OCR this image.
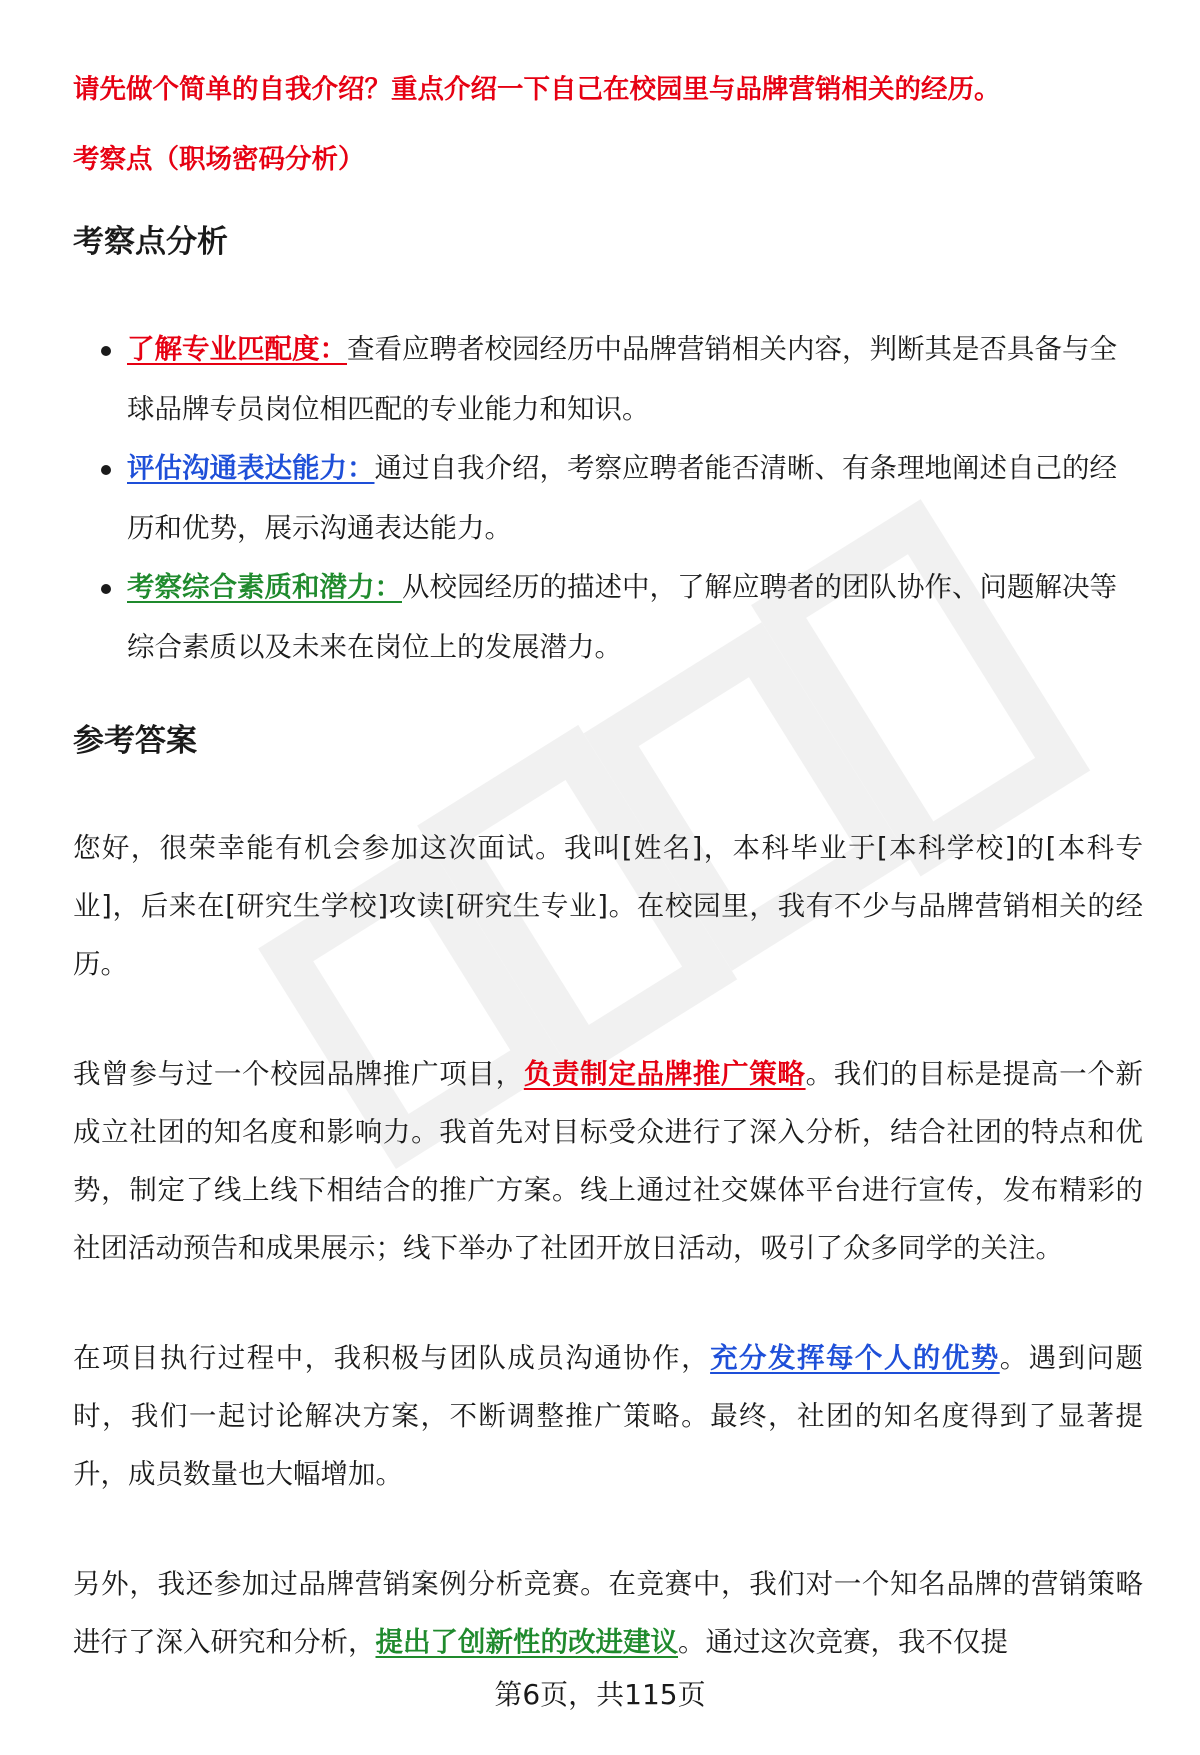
请先做个简单的自我介绍？重点介绍一下自己在校园里与品牌营销相关的经历。

考察点（职场密码分析）

考察点分析
了解专业匹配度：查看应聘者校园经历中品牌营销相关内容，判断其是否具备与全球品牌专员岗位相匹配的专业能力和知识。
评估沟通表达能力：通过自我介绍，考察应聘者能否清晰、有条理地阐述自己的经历和优势，展示沟通表达能力。
考察综合素质和潜力：从校园经历的描述中，了解应聘者的团队协作、问题解决等综合素质以及未来在岗位上的发展潜力。
参考答案

您好，很荣幸能有机会参加这次面试。我叫[姓名]，本科毕业于[本科学校]的[本科专业]，后来在[研究生学校]攻读[研究生专业]。在校园里，我有不少与品牌营销相关的经历。

我曾参与过一个校园品牌推广项目，负责制定品牌推广策略。我们的目标是提高一个新成立社团的知名度和影响力。我首先对目标受众进行了深入分析，结合社团的特点和优势，制定了线上线下相结合的推广方案。线上通过社交媒体平台进行宣传，发布精彩的社团活动预告和成果展示；线下举办了社团开放日活动，吸引了众多同学的关注。

在项目执行过程中，我积极与团队成员沟通协作，充分发挥每个人的优势。遇到问题时，我们一起讨论解决方案，不断调整推广策略。最终，社团的知名度得到了显著提升，成员数量也大幅增加。

另外，我还参加过品牌营销案例分析竞赛。在竞赛中，我们对一个知名品牌的营销策略进行了深入研究和分析，提出了创新性的改进建议。通过这次竞赛，我不仅提

第6页，共115页
